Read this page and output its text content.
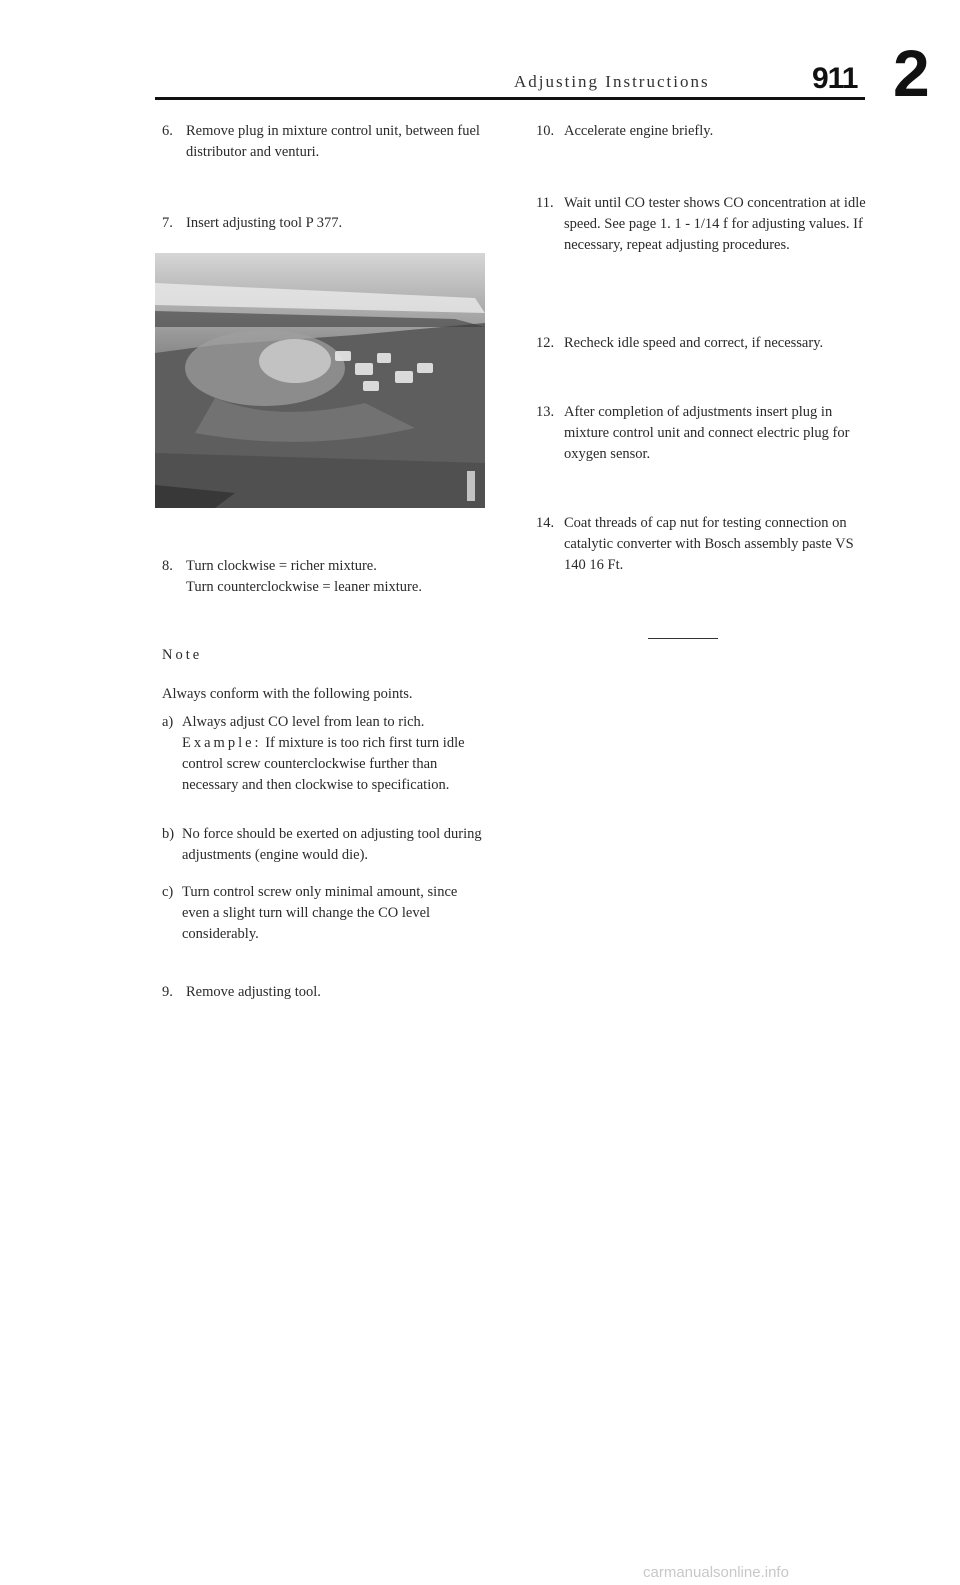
Adjusting Instructions	911 2
6. Remove plug in mixture control unit, between fuel distributor and venturi.
7. Insert adjusting tool P 377.
8. Turn clockwise = richer mixture.
Turn counterclockwise = leaner mixture.
Note
Always conform with the following points.
a) Always adjust CO level from lean to rich.
Example: If mixture is too rich first turn idle control screw counterclockwise further than necessary and then clockwise to specification.
b) No force should be exerted on adjusting tool during adjustments (engine would die).
c) Turn control screw only minimal amount, since even a slight turn will change the CO level considerably.
9. Remove adjusting tool.
10. Accelerate engine briefly.
11. Wait until CO tester shows CO concentration at idle speed. See page 1. 1 - 1/14 f for adjusting values. If necessary, repeat adjusting procedures.
12. Recheck idle speed and correct, if necessary.
13. After completion of adjustments insert plug in mixture control unit and connect electric plug for oxygen sensor.
14. Coat threads of cap nut for testing connection on catalytic converter with Bosch assembly paste VS 140 16 Ft.
carmanualsonline.info
